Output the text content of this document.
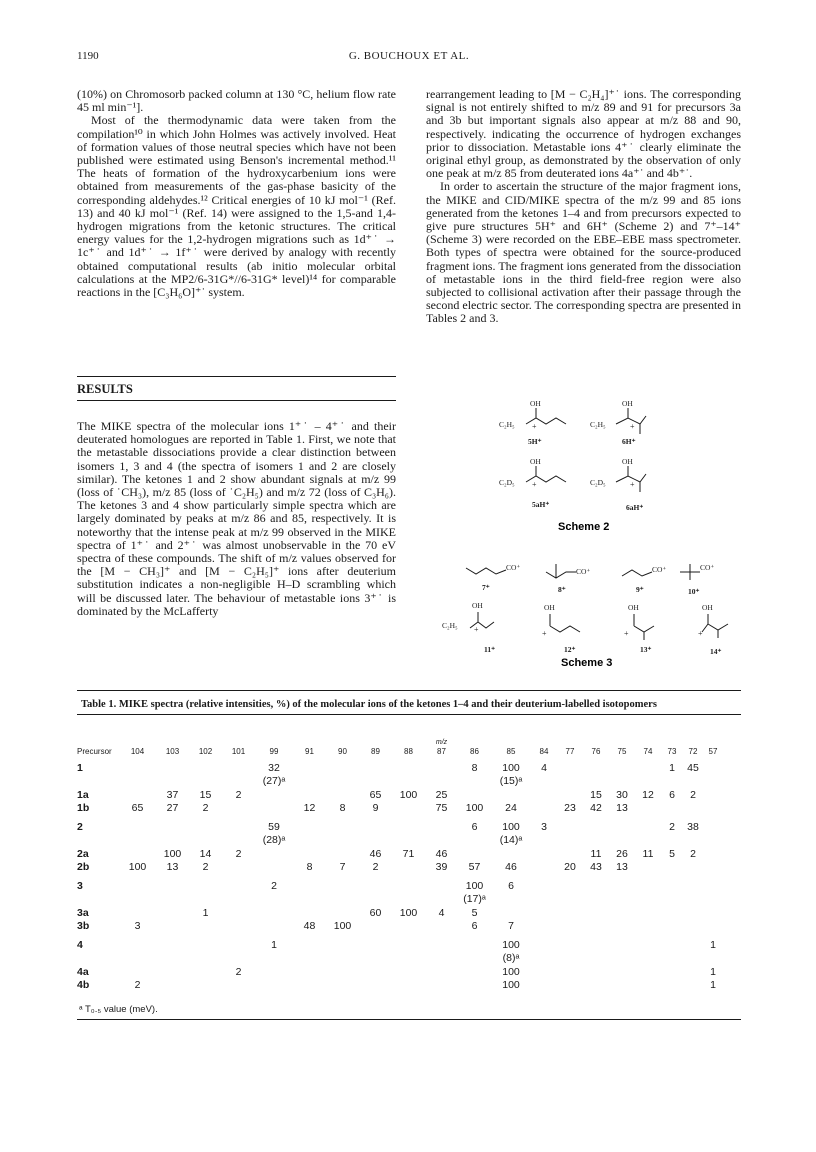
1190	G. BOUCHOUX ET AL.

(10%) on Chromosorb packed column at 130 °C, helium flow rate 45 ml min⁻¹].

Most of the thermodynamic data were taken from the compilation¹⁰ in which John Holmes was actively involved. Heat of formation values of those neutral species which have not been published were estimated using Benson's incremental method.¹¹ The heats of formation of the hydroxycarbenium ions were obtained from measurements of the gas-phase basicity of the corresponding aldehydes.¹² Critical energies of 10 kJ mol⁻¹ (Ref. 13) and 40 kJ mol⁻¹ (Ref. 14) were assigned to the 1,5-and 1,4-hydrogen migrations from the ketonic structures. The critical energy values for the 1,2-hydrogen migrations such as 1d⁺˙ → 1c⁺˙ and 1d⁺˙ → 1f⁺˙ were derived by analogy with recently obtained computational results (ab initio molecular orbital calculations at the MP2/6-31G*//6-31G* level)¹⁴ for comparable reactions in the [C₃H₆O]⁺˙ system.

RESULTS

The MIKE spectra of the molecular ions 1⁺˙ – 4⁺˙ and their deuterated homologues are reported in Table 1. First, we note that the metastable dissociations provide a clear distinction between isomers 1, 3 and 4 (the spectra of isomers 1 and 2 are closely similar). The ketones 1 and 2 show abundant signals at m/z 99 (loss of ˙CH₃), m/z 85 (loss of ˙C₂H₅) and m/z 72 (loss of C₃H₆). The ketones 3 and 4 show particularly simple spectra which are largely dominated by peaks at m/z 86 and 85, respectively. It is noteworthy that the intense peak at m/z 99 observed in the MIKE spectra of 1⁺˙ and 2⁺˙ was almost unobservable in the 70 eV spectra of these compounds. The shift of m/z values observed for the [M − CH₃]⁺ and [M − C₂H₅]⁺ ions after deuterium substitution indicates a non-negligible H–D scrambling which will be discussed later. The behaviour of metastable ions 3⁺˙ is dominated by the McLafferty

rearrangement leading to [M − C₂H₄]⁺˙ ions. The corresponding signal is not entirely shifted to m/z 89 and 91 for precursors 3a and 3b but important signals also appear at m/z 88 and 90, respectively. indicating the occurrence of hydrogen exchanges prior to dissociation. Metastable ions 4⁺˙ clearly eliminate the original ethyl group, as demonstrated by the observation of only one peak at m/z 85 from deuterated ions 4a⁺˙ and 4b⁺˙.

In order to ascertain the structure of the major fragment ions, the MIKE and CID/MIKE spectra of the m/z 99 and 85 ions generated from the ketones 1–4 and from precursors expected to give pure structures 5H⁺ and 6H⁺ (Scheme 2) and 7⁺–14⁺ (Scheme 3) were recorded on the EBE–EBE mass spectrometer. Both types of spectra were obtained for the source-produced fragment ions. The fragment ions generated from the dissociation of metastable ions in the third field-free region were also subjected to collisional activation after their passage through the second electric sector. The corresponding spectra are presented in Tables 2 and 3.

OH
C₂H₅ +
5H⁺
OH
C₂H₅	+
6H⁺
OH
C₂D₅ +
5aH⁺
OH
C₂D₅	+
6aH⁺
Scheme 2
CO⁺
7⁺
CO⁺
8⁺
CO⁺
9⁺
CO⁺
10⁺
OH
C₂H₅ +
11⁺
OH
+
12⁺
OH
+
13⁺
OH
+
14⁺
Scheme 3
Table 1. MIKE spectra (relative intensities, %) of the molecular ions of the ketones 1–4 and their deuterium-labelled isotopomers
										m/z										
Precursor	104	103	102	101	99	91	90	89	88	87	86	85	84	77	76	75	74	73	72	57

1					32						8	100	4					1	45	
					(27)ᵃ							(15)ᵃ								
1a		37	15	2				65	100	25					15	30	12	6	2	
1b	65	27	2			12	8	9		75	100	24		23	42	13				

2					59						6	100	3					2	38	
					(28)ᵃ							(14)ᵃ								
2a		100	14	2				46	71	46					11	26	11	5	2	
2b	100	13	2			8	7	2		39	57	46		20	43	13				

3					2						100	6								
											(17)ᵃ									
3a			1					60	100	4	5									
3b	3					48	100				6	7								

4					1							100								1
												(8)ᵃ								
4a				2								100								1
4b	2											100								1
ᵃ T₀.₅ value (meV).
